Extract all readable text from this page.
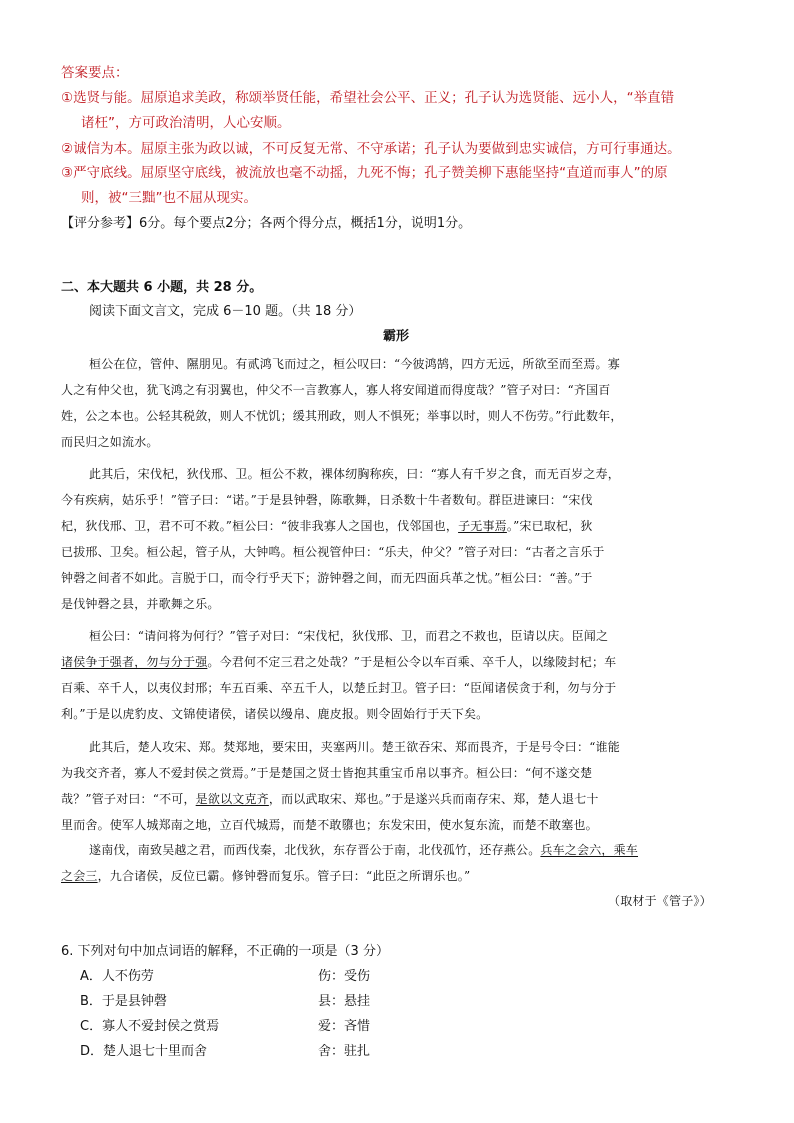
答案要点：
①选贤与能。屈原追求美政，称颂举贤任能，希望社会公平、正义；孔子认为选贤能、远小人，“举直错
诸枉”，方可政治清明，人心安顺。
②诚信为本。屈原主张为政以诚，不可反复无常、不守承诺；孔子认为要做到忠实诚信，方可行事通达。
③严守底线。屈原坚守底线，被流放也毫不动摇，九死不悔；孔子赞美柳下惠能坚持“直道而事人”的原
则，被“三黜”也不屈从现实。
【评分参考】6分。每个要点2分；各两个得分点，概括1分，说明1分。
二、本大题共 6 小题，共 28 分。
阅读下面文言文，完成 6－10 题。（共 18 分）
霸形
桓公在位，管仲、隰朋见。有贰鸿飞而过之，桓公叹曰：“今彼鸿鹄，四方无远，所欲至而至焉。寡
人之有仲父也，犹飞鸿之有羽翼也，仲父不一言教寡人，寡人将安闻道而得度哉？”管子对曰：“齐国百
姓，公之本也。公轻其税敛，则人不忧饥；缓其刑政，则人不惧死；举事以时，则人不伤劳。”行此数年，
而民归之如流水。
此其后，宋伐杞，狄伐邢、卫。桓公不救，裸体纫胸称疾，曰：“寡人有千岁之食，而无百岁之寿，
今有疾病，姑乐乎！”管子曰：“诺。”于是县钟磬，陈歌舞，日杀数十牛者数旬。群臣进谏曰：“宋伐
杞，狄伐邢、卫，君不可不救。”桓公曰：“彼非我寡人之国也，伐邻国也，子无事焉。”宋已取杞，狄
已拔邢、卫矣。桓公起，管子从，大钟鸣。桓公视管仲曰：“乐夫，仲父？”管子对曰：“古者之言乐于
钟磬之间者不如此。言脱于口，而令行乎天下；游钟磬之间，而无四面兵革之忧。”桓公曰：“善。”于
是伐钟磬之县，并歌舞之乐。
桓公曰：“请问将为何行？”管子对曰：“宋伐杞，狄伐邢、卫，而君之不救也，臣请以庆。臣闻之
诸侯争于强者，勿与分于强。今君何不定三君之处哉？”于是桓公令以车百乘、卒千人，以缘陵封杞；车
百乘、卒千人，以夷仪封邢；车五百乘、卒五千人，以楚丘封卫。管子曰：“臣闻诸侯贪于利，勿与分于
利。”于是以虎豹皮、文锦使诸侯，诸侯以缦帛、鹿皮报。则令固始行于天下矣。
此其后，楚人攻宋、郑。焚郑地，要宋田，夹塞两川。楚王欲吞宋、郑而畏齐，于是号令曰：“谁能
为我交齐者，寡人不爱封侯之赏焉。”于是楚国之贤士皆抱其重宝币帛以事齐。桓公曰：“何不遂交楚
哉？”管子对曰：“不可，是欲以文克齐，而以武取宋、郑也。”于是遂兴兵而南存宋、郑，楚人退七十
里而舍。使军人城郑南之地，立百代城焉，而楚不敢隳也；东发宋田，使水复东流，而楚不敢塞也。
遂南伐，南致吴越之君，而西伐秦，北伐狄，东存晋公于南，北伐孤竹，还存燕公。兵车之会六，乘车
之会三，九合诸侯，反位已霸。修钟磬而复乐。管子曰：“此臣之所谓乐也。”
（取材于《管子》）
6. 下列对句中加点词语的解释，不正确的一项是（3 分）
A．人不伤劳	伤：受伤
B．于是县钟磬	县：悬挂
C．寡人不爱封侯之赏焉	爱：吝惜
D．楚人退七十里而舍	舍：驻扎
